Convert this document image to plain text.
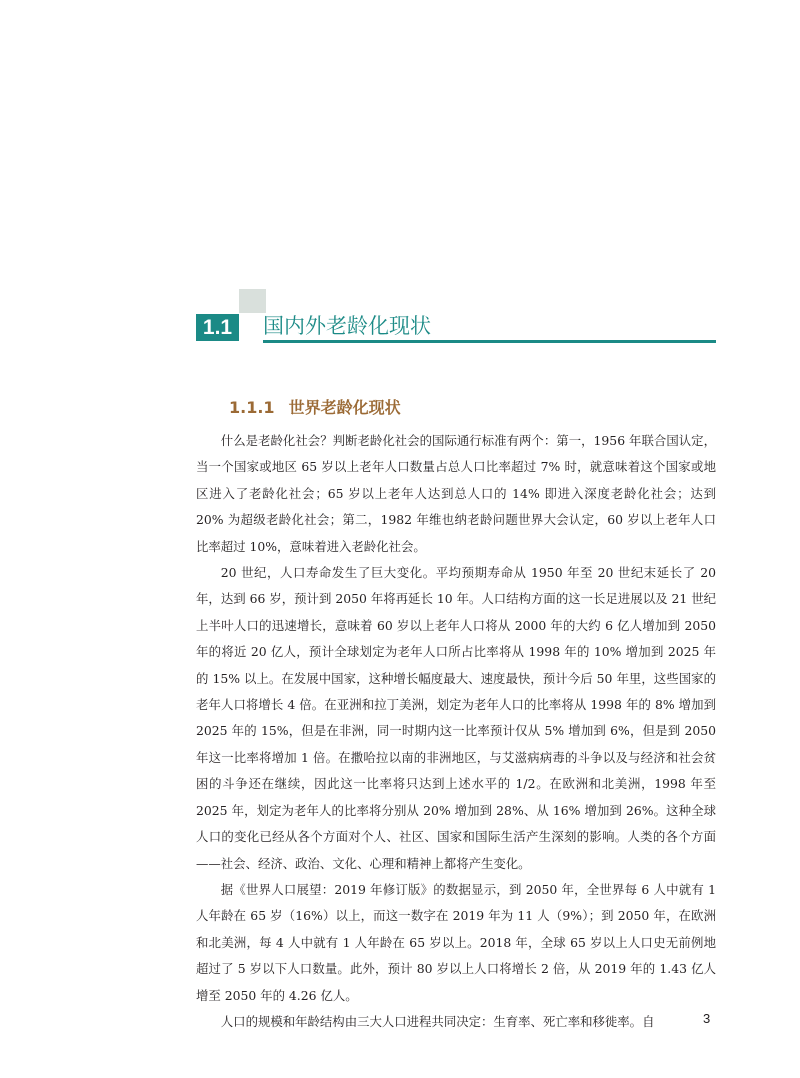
1.1	国内外老龄化现状
1.1.1 世界老龄化现状

什么是老龄化社会？判断老龄化社会的国际通行标准有两个：第一，1956 年联合国认定，当一个国家或地区 65 岁以上老年人口数量占总人口比率超过 7% 时，就意味着这个国家或地区进入了老龄化社会；65 岁以上老年人达到总人口的 14% 即进入深度老龄化社会；达到 20% 为超级老龄化社会；第二，1982 年维也纳老龄问题世界大会认定，60 岁以上老年人口比率超过 10%，意味着进入老龄化社会。

20 世纪，人口寿命发生了巨大变化。平均预期寿命从 1950 年至 20 世纪末延长了 20 年，达到 66 岁，预计到 2050 年将再延长 10 年。人口结构方面的这一长足进展以及 21 世纪上半叶人口的迅速增长，意味着 60 岁以上老年人口将从 2000 年的大约 6 亿人增加到 2050 年的将近 20 亿人，预计全球划定为老年人口所占比率将从 1998 年的 10% 增加到 2025 年的 15% 以上。在发展中国家，这种增长幅度最大、速度最快，预计今后 50 年里，这些国家的老年人口将增长 4 倍。在亚洲和拉丁美洲，划定为老年人口的比率将从 1998 年的 8% 增加到 2025 年的 15%，但是在非洲，同一时期内这一比率预计仅从 5% 增加到 6%，但是到 2050 年这一比率将增加 1 倍。在撒哈拉以南的非洲地区，与艾滋病病毒的斗争以及与经济和社会贫困的斗争还在继续，因此这一比率将只达到上述水平的 1/2。在欧洲和北美洲，1998 年至 2025 年，划定为老年人的比率将分别从 20% 增加到 28%、从 16% 增加到 26%。这种全球人口的变化已经从各个方面对个人、社区、国家和国际生活产生深刻的影响。人类的各个方面——社会、经济、政治、文化、心理和精神上都将产生变化。

据《世界人口展望：2019 年修订版》的数据显示，到 2050 年，全世界每 6 人中就有 1 人年龄在 65 岁（16%）以上，而这一数字在 2019 年为 11 人（9%）；到 2050 年，在欧洲和北美洲，每 4 人中就有 1 人年龄在 65 岁以上。2018 年，全球 65 岁以上人口史无前例地超过了 5 岁以下人口数量。此外，预计 80 岁以上人口将增长 2 倍，从 2019 年的 1.43 亿人增至 2050 年的 4.26 亿人。

人口的规模和年龄结构由三大人口进程共同决定：生育率、死亡率和移徙率。自	3
